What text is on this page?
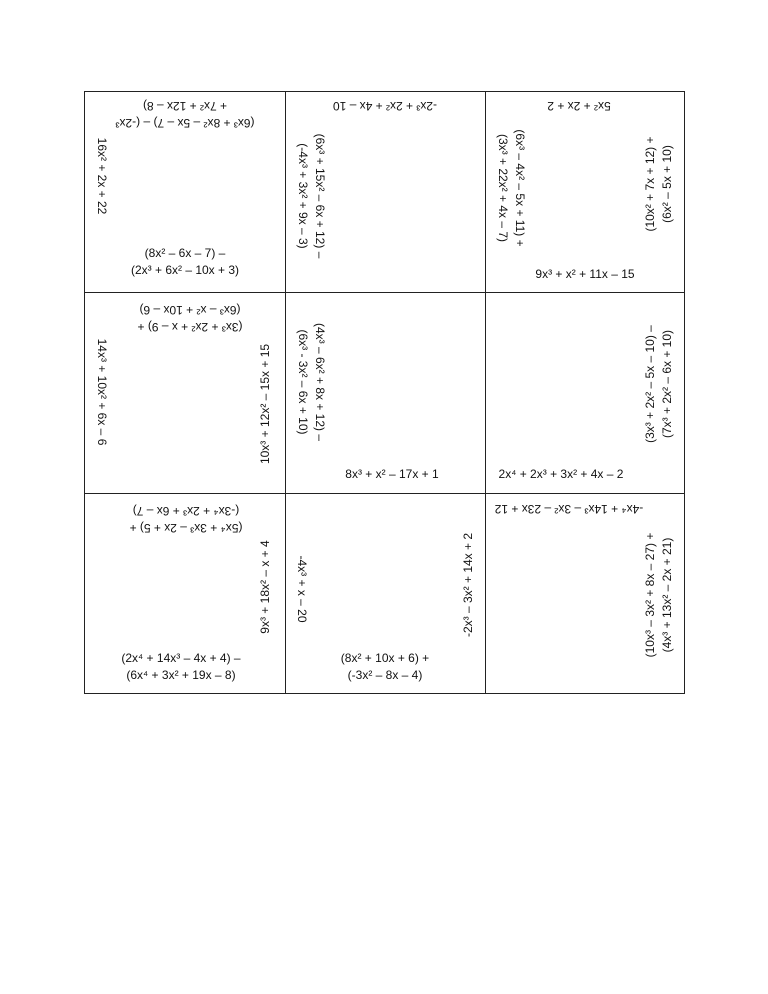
(6x³ + 8x² – 5x – 7) – (-2x³ + 7x² + 12x – 8)
16x² + 2x + 22
(8x² – 6x – 7) –
(2x³ + 6x² – 10x + 3)
-2x³ + 2x² + 4x – 10
(6x³ + 15x² – 6x + 12) –
(-4x³ + 3x² + 9x – 3)
5x² + 2x + 2
(6x³ – 4x² – 5x + 11) +
(3x³ + 22x² + 4x – 7)	(10x² + 7x + 12) + (6x² – 5x + 10)
9x³ + x² + 11x – 15
(3x³ + 2x² + x – 9) +
(6x³ – x² + 10x – 6)
14x³ + 10x² + 6x – 6	10x³ + 12x² – 15x + 15	(4x³ – 6x² + 8x + 12) –
(6x³ - 3x² – 6x + 10)
8x³ + x² – 17x + 1
(3x³ + 2x² – 5x – 10) – (7x³ + 2x² – 6x + 10)
2x⁴ + 2x³ + 3x² + 4x – 2
(5x⁴ + 3x³ – 2x + 5) +
(-3x⁴ + 2x³ + 6x – 7)
9x³ + 18x² – x + 4
(2x⁴ + 14x³ – 4x + 4) –
(6x⁴ + 3x² + 19x – 8)
-4x³ + x – 20	-2x³ – 3x² + 14x + 2
(8x² + 10x + 6) +
(-3x² – 8x – 4)
-4x⁴ + 14x³ – 3x² – 23x + 12
(10x³ – 3x² + 8x – 27) + (4x³ + 13x² – 2x + 21)
